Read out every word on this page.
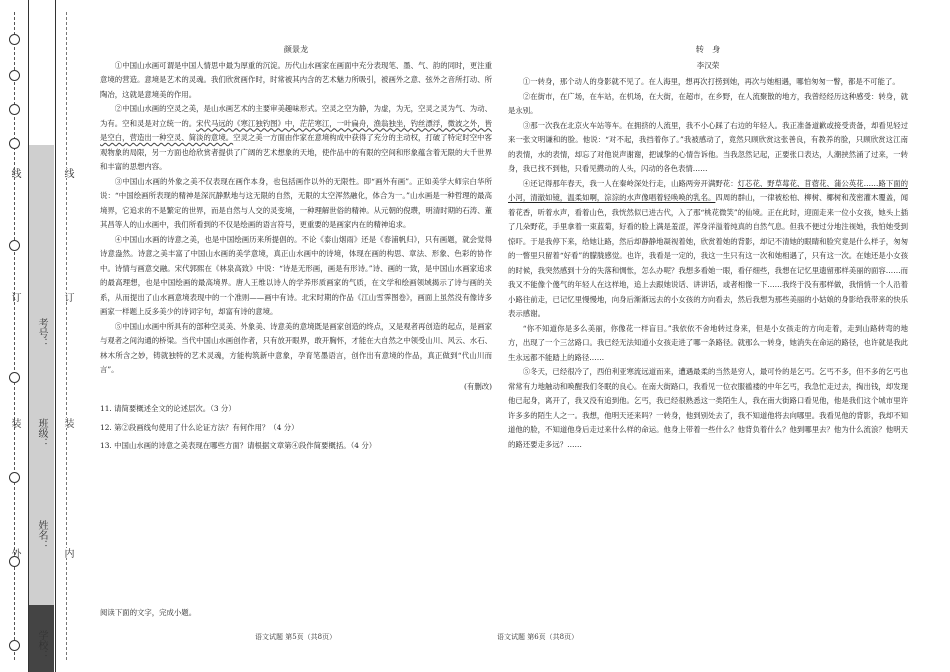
线
订
装
外
考号：
班级：
姓名：
学校：
线
订
装
内
颜景龙

①中国山水画可谓是中国人情思中最为厚重的沉淀。历代山水画家在画面中充分表现笔、墨、气、韵的同时，更注重意境的营造。意境是艺术的灵魂。我们欣赏画作时，时常被其内含的艺术魅力所吸引，被画外之意、弦外之音所打动、所陶冶，这就是意境美的作用。

②中国山水画的空灵之美，是山水画艺术的主要审美趣味形式。空灵之空为静，为虚，为无，空灵之灵为气、为动、为有。空和灵是对立统一的。宋代马远的《寒江独钓图》中，茫茫寒江，一叶扁舟，渔翁独坐，钓丝漂浮，微波之外，皆是空白，营造出一种空灵、简淡的意境。空灵之美一方面由作家在意境构成中获得了充分的主动权，打破了特定时空中客观物象的局限，另一方面也给欣赏者提供了广阔的艺术想象的天地，使作品中的有限的空间和形象蕴含着无限的大千世界和丰富的思想内容。

③中国山水画的外象之美不仅表现在画作本身，也包括画作以外的无限性。即“画外有画”。正如美学大师宗白华所说：“中国绘画所表现的精神是深沉静默地与这无限的自然，无限的太空浑然融化，体合为一。”山水画是一种哲理的最高境界，它追求的不是繁定的世界，而是自然与人交的灵变境，一种理解世俗的精神。从元朝的倪瓒，明清时期的石涛、董其昌等人的山水画中，我们所看到的不仅是绘画的语言符号，更重要的是画家内在的精神追求。

④中国山水画的诗意之美，也是中国绘画历来所提倡的。不论《泰山烟雨》还是《春浦帆归》，只有画题，就会觉得诗意盎然。诗意之美丰富了中国山水画的美学意境，真正山水画中的诗境，体现在画的构思、章法、形象、色彩的协作中。诗情与画意交融。宋代郭熙在《林泉高致》中说：“诗是无形画，画是有形诗。”诗、画的一致，是中国山水画家追求的最高理想，也是中国绘画的最高境界。唐人王维以诗人的学养形质画家的气质，在文学和绘画领域揭示了诗与画的关系，从而提出了山水画意境表现中的一个准则——画中有诗。北宋时期的作品《江山雪霁图卷》，画面上虽然没有像诗多画家一样题上反多美少的诗词字句，却富有诗的意境。

⑤中国山水画中所具有的部种空灵美、外象美、诗意美的意境既是画家创造的终点，又是观者再创造的起点，是画家与观者之间沟通的桥梁。当代中国山水画创作者，只有放开眼界，敢开胸怀，才能在大自然之中领受山川、风云、水石、林木所含之妙，铸就独特的艺术灵魂，方能构筑新中意象，孕育笔墨语言，创作出有意境的作品，真正做到“代山川而言”。

(有删改)

11. 请简要概述全文的论述层次。（3 分）

12. 第②段画线句使用了什么论证方法？有何作用？（4 分）

13. 中国山水画的诗意之美表现在哪些方面？请根据文章第④段作简要概括。（4 分）

阅读下面的文字，完成小题。
语文试题 第5页（共8页）
转　身
李汉荣

①一转身，那个动人的身影就不见了。在人海里，想再次打捞到她，再次与她相遇，哪怕匆匆一瞥，都是不可能了。

②在街市，在广场，在车站，在机场，在大街，在超市，在乡野，在人流聚散的地方，我曾经经历这种感受：转身，就是永别。

③那一次我在北京火车站等车。在拥挤的人流里，我不小心踩了右边的年轻人。我正准备道歉或接受责备，却看见轻过来一张文明谦和的脸。他说：“对不起，我挡着你了。”我被感动了，竟然只顾欣赏这张善良，有教养的脸，只顾欣赏这江南的表情，水的表情，却忘了对他说声谢谢，把诚挚的心情告诉他。当我忽然记起，正要张口表达，人潮挟然涌了过来，一转身，我已找不到他，只看见攒动的人头，闪动的各色表情……

④还记得那年春天，我一人在秦岭深处行走，山路两旁开满野花：灯芯花、野草莓花、苜蓿花、蒲公英花……路下面的小河，清澈如镜，温柔如啊，淙淙的水声像唱着轻唤唤的乳名。四周的群山，一律被松柏、柳树、椰树和茂密灌木覆盖，闻着花香，听着水声，看着山色，我恍然似已进古代，入了那“桃花微笑”的仙境。正在此时，迎面走来一位小女孩，她头上插了几朵野花，手里拿着一束蓝菊，好看的脸上满是羞涩，浑身洋溢着纯真的自然气息。但我不便过分地注视她，我怕她受到惊吓。于是我停下来，给她让路，然后却静静地凝视着她，欣赏着她的背影，却记不清她的眼睛和脸究竟是什么样子，匆匆的一瞥里只留着“好看”的朦胧感觉。也许，我看是一定的，我这一生只有这一次和她相遇了，只有这一次。在她还是小女孩的时候，我突然感到十分的失落和惆怅，怎么办呢？我想多看她一眼，看仔细些，我想在记忆里遗留那样美丽的面容……而我又不能像个傻气的年轻人在这样地，追上去跟她说话、讲讲话，或者相像一下……我终于没有那样做，我悄悄一个人沿着小路往前走，已记忆里慢慢地，向身后渐渐远去的小女孩的方向看去，然后我想为那些美丽的小姑娘的身影给我带来的快乐表示感谢。

“你不知道你是多么美丽，你像花一样盲目。”我依依不舍地转过身来，但是小女孩走的方向走着，走到山路转弯的地方，出现了一个三岔路口。我已经无法知道小女孩走进了哪一条路径。就那么一转身，她消失在命运的路径，也许就是我此生永远都不能踏上的路径……

⑤冬天，已经很冷了，西伯利亚寒流远道而来，遭遇最柔的当然是穷人，最可怜的是乞丐。乞丐不多，但不多的乞丐也常常有力地触动和唤醒我们冬眠的良心。在南大街路口，我看见一位衣服褴褛的中年乞丐，我急忙走过去，掏出钱，却发现他已起身，离开了，我又没有追到他。乞丐，我已经很熟悉这一类陌生人，我在南大街路口看见他，他是我们这个城市里许许多多的陌生人之一。我想，他明天还来吗？一转身，他到别处去了，我不知道他将去向哪里。我看见他的背影，我却不知道他的脸，不知道他身后走过来什么样的命运。他身上带着一些什么？他背负着什么？他到哪里去？他为什么流浪？他明天的路还要走多远？……

语文试题 第6页（共8页）
